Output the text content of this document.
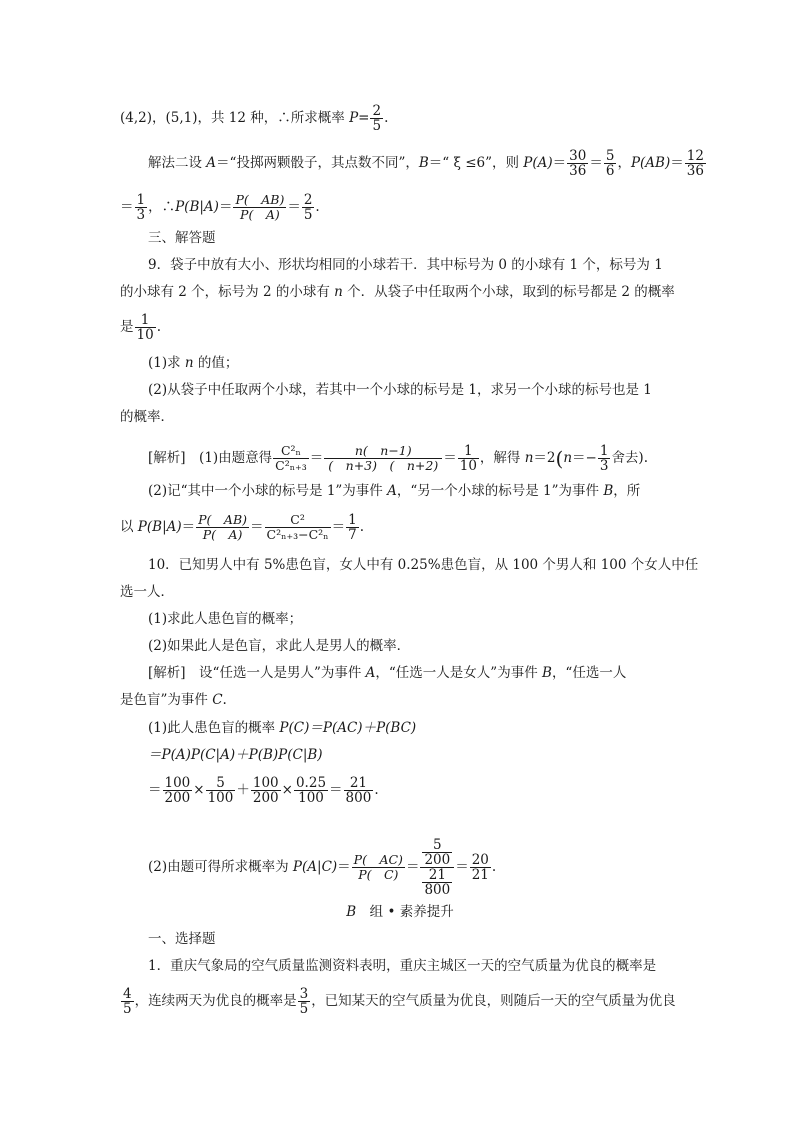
(4,2)，(5,1)，共 12 种，∴所求概率 $P= \frac{2}{5}$ .
解法二设 A＝“投掷两颗骰子，其点数不同”，B＝“ ξ ≤6”，则 $P(A)= \frac{30}{36} = \frac{5}{6}$ ，$P(AB)= \frac{12}{36}$
＝ $\frac{1}{3}$ ，∴P(B|A)＝ $\frac{P( AB)}{P( A)} = \frac{2}{5}$ .
三、解答题
9．袋子中放有大小、形状均相同的小球若干．其中标号为 0 的小球有 1 个，标号为 1
的小球有 2 个，标号为 2 的小球有 n 个．从袋子中任取两个小球，取到的标号都是 2 的概率
是 $\frac{1}{10}$ .
(1)求 n 的值；
(2)从袋子中任取两个小球，若其中一个小球的标号是 1，求另一个小球的标号也是 1
的概率．
[解析]　(1)由题意得 $\frac{\text{C²ₙ}}{\text{C²ₙ₊₃}} = \frac{n( n-1)}{( n+3) ( n+2)} = \frac{1}{10}$ ，解得 $n=2(n=- \frac{1}{3}$ 舍去).
(2)记“其中一个小球的标号是 1”为事件 A，“另一个小球的标号是 1”为事件 B，所
以 $P(B|A)= \frac{P( AB)}{P( A)} = \frac{\text{C²}}{\text{C²ₙ₊₃−C²ₙ}} = \frac{1}{7}$ .
10．已知男人中有 5%患色盲，女人中有 0.25%患色盲，从 100 个男人和 100 个女人中任
选一人．
(1)求此人患色盲的概率；
(2)如果此人是色盲，求此人是男人的概率．
[解析]　设“任选一人是男人”为事件 A，“任选一人是女人”为事件 B，“任选一人
是色盲”为事件 C.
(1)此人患色盲的概率 P(C)＝P(AC)＋P(BC)
＝P(A)P(C|A)＋P(B)P(C|B)
＝ $\frac{100}{200} \times \frac{5}{100} + \frac{100}{200} \times \frac{0.25}{100} = \frac{21}{800}$ .
(2)由题可得所求概率为 $P(A|C)= \frac{P( AC)}{P( C)} = \frac{\frac{5}{200}}{\frac{21}{800}} = \frac{20}{21}$ .
B　组 • 素养提升
一、选择题
1．重庆气象局的空气质量监测资料表明，重庆主城区一天的空气质量为优良的概率是
$\frac{4}{5}$ ，连续两天为优良的概率是 $\frac{3}{5}$ ，已知某天的空气质量为优良，则随后一天的空气质量为优良
